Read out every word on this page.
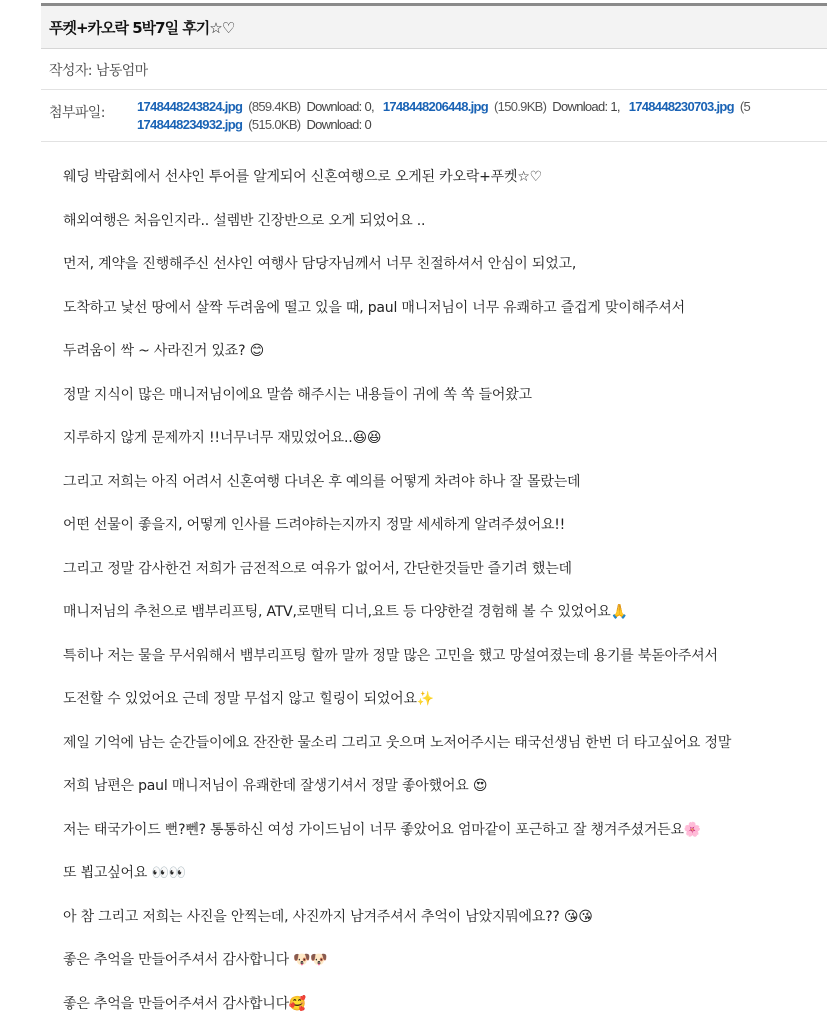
푸켓+카오락 5박7일 후기☆♡
작성자: 남동엄마
첨부파일: 1748448243824.jpg (859.4KB) Download: 0, 1748448206448.jpg (150.9KB) Download: 1, 1748448230703.jpg (5
1748448234932.jpg (515.0KB) Download: 0
웨딩 박람회에서 선샤인 투어를 알게되어 신혼여행으로 오게된 카오락+푸켓☆♡
해외여행은 처음인지라.. 설렘반 긴장반으로 오게 되었어요 ..
먼저, 계약을 진행해주신 선샤인 여행사 담당자님께서 너무 친절하셔서 안심이 되었고,
도착하고 낯선 땅에서 살짝 두려움에 떨고 있을 때, paul 매니저님이 너무 유쾌하고 즐겁게 맞이해주셔서
두려움이 싹 ~ 사라진거 있죠? 😊
정말 지식이 많은 매니저님이에요 말씀 해주시는 내용들이 귀에 쏙 쏙 들어왔고
지루하지 않게 문제까지 !!너무너무 재밌었어요..😆😆
그리고 저희는 아직 어려서 신혼여행 다녀온 후 예의를 어떻게 차려야 하나 잘 몰랐는데
어떤 선물이 좋을지, 어떻게 인사를 드려야하는지까지 정말 세세하게 알려주셨어요!!
그리고 정말 감사한건 저희가 금전적으로 여유가 없어서, 간단한것들만 즐기려 했는데
매니저님의 추천으로 뱀부리프팅, ATV,로맨틱 디너,요트 등 다양한걸 경험해 볼 수 있었어요🙏
특히나 저는 물을 무서워해서 뱀부리프팅 할까 말까 정말 많은 고민을 했고 망설여졌는데 용기를 북돋아주셔서
도전할 수 있었어요 근데 정말 무섭지 않고 힐링이 되었어요✨
제일 기억에 남는 순간들이에요 잔잔한 물소리 그리고 웃으며 노저어주시는 태국선생님 한번 더 타고싶어요 정말
저희 남편은 paul 매니저님이 유쾌한데 잘생기셔서 정말 좋아했어요 😍
저는 태국가이드 뻔?뻰? 통통하신 여성 가이드님이 너무 좋았어요 엄마같이 포근하고 잘 챙겨주셨거든요🌸
또 뵙고싶어요 👀👀
아 참 그리고 저희는 사진을 안찍는데, 사진까지 남겨주셔서 추억이 남았지뭐에요?? 😘😘
좋은 추억을 만들어주셔서 감사합니다 🐶🐶
좋은 추억을 만들어주셔서 감사합니다🥰
